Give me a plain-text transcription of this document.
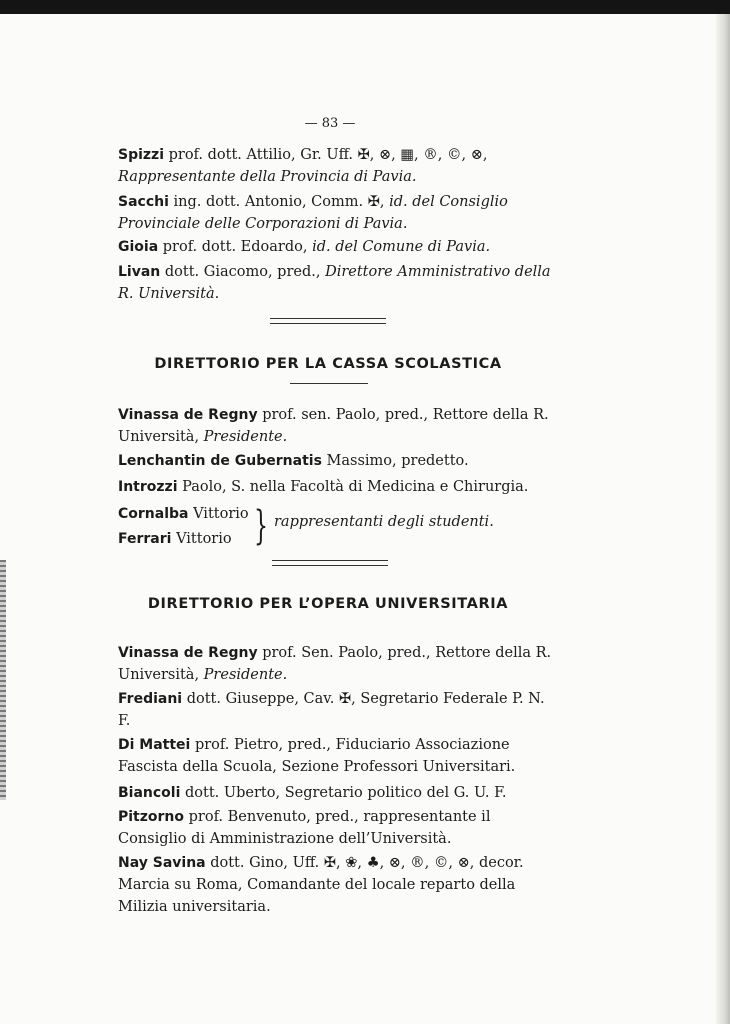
— 83 —
Spizzi prof. dott. Attilio, Gr. Uff. ✠, ⊗, ▦, ®, ©, ⊗, Rappresentante della Provincia di Pavia.
Sacchi ing. dott. Antonio, Comm. ✠, id. del Consiglio Provinciale delle Corporazioni di Pavia.
Gioia prof. dott. Edoardo, id. del Comune di Pavia.
Livan dott. Giacomo, pred., Direttore Amministrativo della R. Università.
DIRETTORIO PER LA CASSA SCOLASTICA
Vinassa de Regny prof. sen. Paolo, pred., Rettore della R. Università, Presidente.
Lenchantin de Gubernatis Massimo, predetto.
Introzzi Paolo, S. nella Facoltà di Medicina e Chirurgia.
Cornalba Vittorio
Ferrari Vittorio } rappresentanti degli studenti.
DIRETTORIO PER L’OPERA UNIVERSITARIA
Vinassa de Regny prof. Sen. Paolo, pred., Rettore della R. Università, Presidente.
Frediani dott. Giuseppe, Cav. ✠, Segretario Federale P. N. F.
Di Mattei prof. Pietro, pred., Fiduciario Associazione Fascista della Scuola, Sezione Professori Universitari.
Biancoli dott. Uberto, Segretario politico del G. U. F.
Pitzorno prof. Benvenuto, pred., rappresentante il Consiglio di Amministrazione dell’Università.
Nay Savina dott. Gino, Uff. ✠, ❀, ♣, ⊗, ®, ©, ⊗, decor. Marcia su Roma, Comandante del locale reparto della Milizia universitaria.
